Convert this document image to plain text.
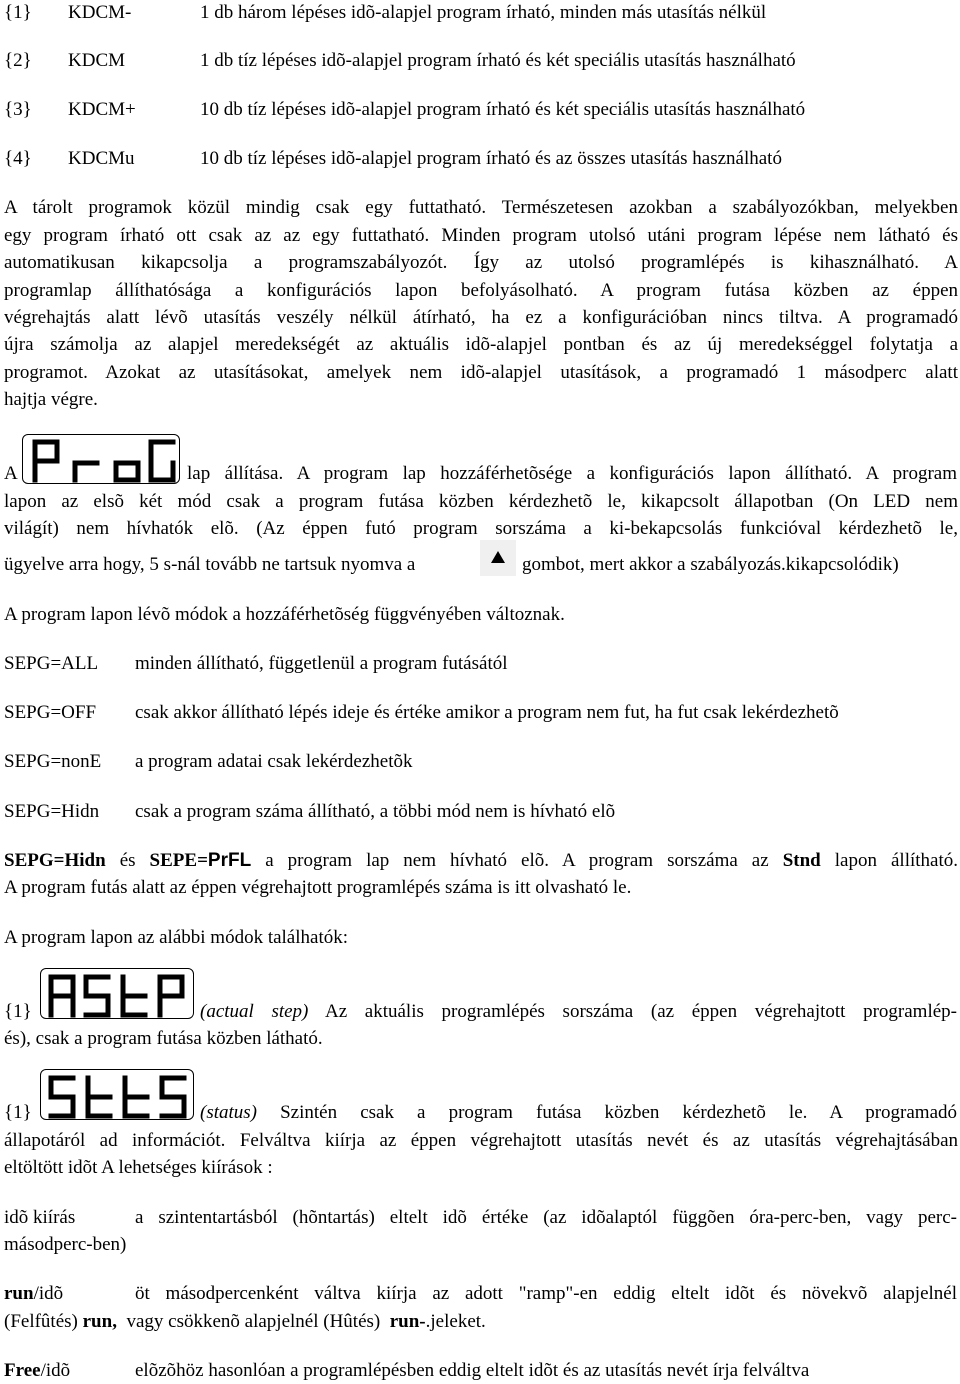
{1} KDCM-	1 db három lépéses idõ-alapjel program írható, minden más utasítás nélkül
{2} KDCM	1 db tíz lépéses idõ-alapjel program írható és két speciális utasítás használható
{3} KDCM+	10 db tíz lépéses idõ-alapjel program írható és két speciális utasítás használható
{4} KDCMu	10 db tíz lépéses idõ-alapjel program írható és az összes utasítás használható
A tárolt programok közül mindig csak egy futtatható. Természetesen azokban a szabályozókban, melyekben
egy program írható ott csak az az egy futtatható. Minden program utolsó utáni program lépése nem látható és
automatikusan kikapcsolja a programszabályozót. Így az utolsó programlépés is kihasználható. A
programlap állíthatósága a konfigurációs lapon befolyásolható. A program futása közben az éppen
végrehajtás alatt lévõ utasítás veszély nélkül átírható, ha ez a konfigurációban nincs tiltva. A programadó
újra számolja az alapjel meredekségét az aktuális idõ-alapjel pontban és az új meredekséggel folytatja a
programot. Azokat az utasításokat, amelyek nem idõ-alapjel utasítások, a programadó 1 másodperc alatt
hajtja végre.
A	lap állítása. A program lap hozzáférhetõsége a konfigurációs lapon állítható. A program
lapon az elsõ két mód csak a program futása közben kérdezhetõ le, kikapcsolt állapotban (On LED nem
világít) nem hívhatók elõ. (Az éppen futó program sorszáma a ki-bekapcsolás funkcióval kérdezhetõ le,
ügyelve arra hogy, 5 s-nál tovább ne tartsuk nyomva a	gombot, mert akkor a szabályozás.kikapcsolódik)
A program lapon lévõ módok a hozzáférhetõség függvényében változnak.
SEPG=ALL minden állítható, függetlenül a program futásától
SEPG=OFF csak akkor állítható lépés ideje és értéke amikor a program nem fut, ha fut csak lekérdezhetõ
SEPG=nonE a program adatai csak lekérdezhetõk
SEPG=Hidn csak a program száma állítható, a többi mód nem is hívható elõ
SEPG=Hidn és SEPE=PrFL a program lap nem hívható elõ. A program sorszáma az Stnd lapon állítható.
A program futás alatt az éppen végrehajtott programlépés száma is itt olvasható le.
A program lapon az alábbi módok találhatók:
{1}	(actual step) Az aktuális programlépés sorszáma (az éppen végrehajtott programlép-
és), csak a program futása közben látható.
{1}	(status) Szintén csak a program futása közben kérdezhetõ le. A programadó
állapotáról ad információt. Felváltva kiírja az éppen végrehajtott utasítás nevét és az utasítás végrehajtásában
eltöltött idõt A lehetséges kiírások :
idõ kiírás	a szintentartásból (hõntartás) eltelt idõ értéke (az idõalaptól függõen óra-perc-ben, vagy perc-
másodperc-ben)
run/idõ	öt másodpercenként váltva kiírja az adott "ramp"-en eddig eltelt idõt és növekvõ alapjelnél
(Felfûtés) run, vagy csökkenõ alapjelnél (Hûtés) run-.jeleket.
Free/idõ	elõzõhöz hasonlóan a programlépésben eddig eltelt idõt és az utasítás nevét írja felváltva
